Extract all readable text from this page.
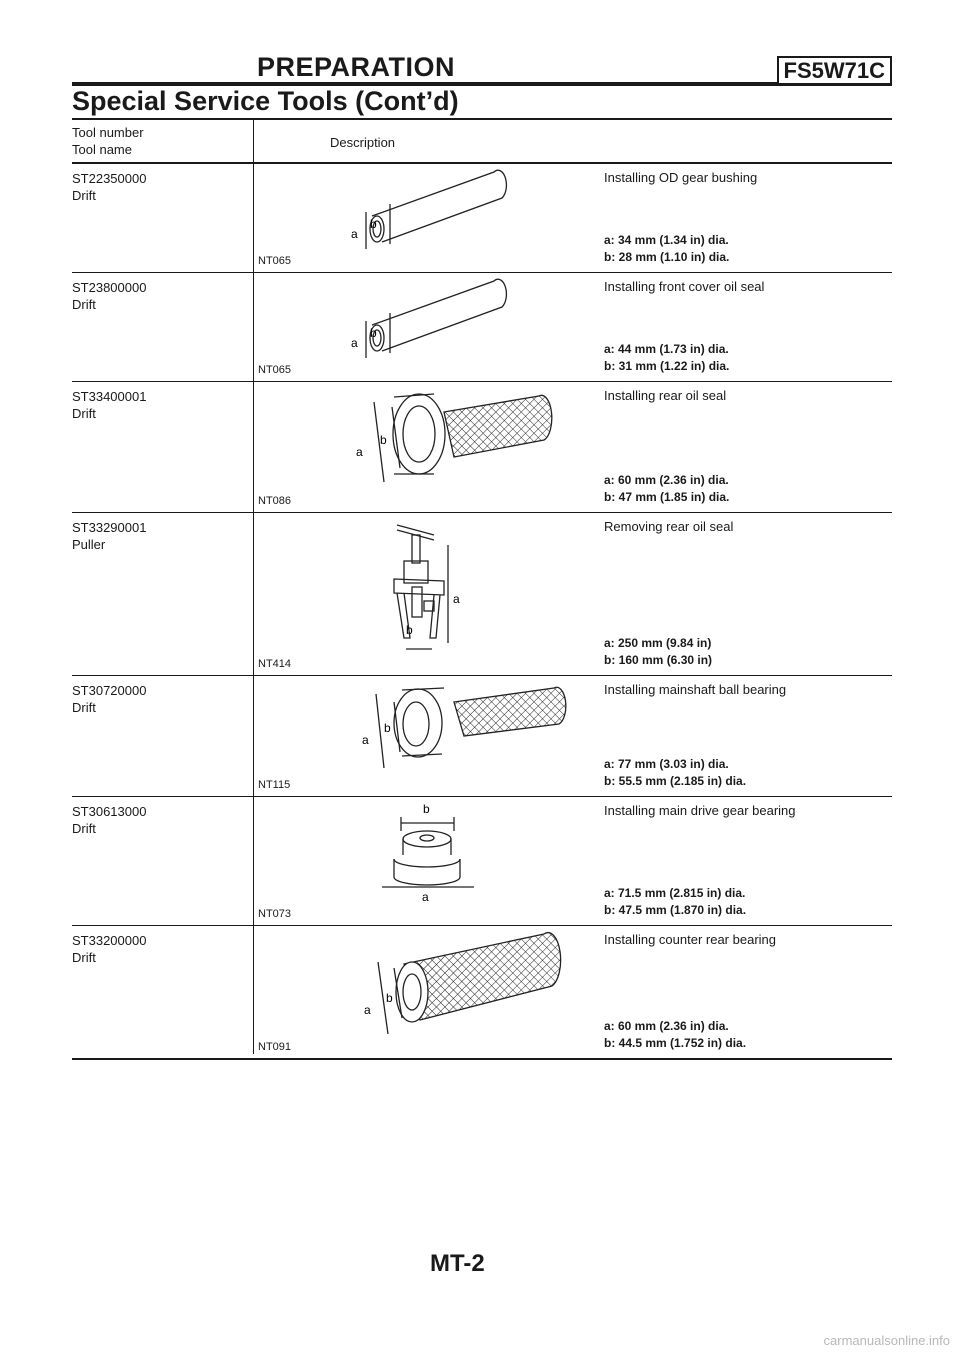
PREPARATION	FS5W71C
Special Service Tools (Cont’d)
Tool number
Tool name	Description
ST22350000
Drift
a
b
NT065
Installing OD gear bushing
a: 34 mm (1.34 in) dia.
b: 28 mm (1.10 in) dia.
ST23800000
Drift
a
b
NT065
Installing front cover oil seal
a: 44 mm (1.73 in) dia.
b: 31 mm (1.22 in) dia.
ST33400001
Drift
a
b
NT086
Installing rear oil seal
a: 60 mm (2.36 in) dia.
b: 47 mm (1.85 in) dia.
ST33290001
Puller
a
b
NT414
Removing rear oil seal
a: 250 mm (9.84 in)
b: 160 mm (6.30 in)
ST30720000
Drift
a
b
NT115
Installing mainshaft ball bearing
a: 77 mm (3.03 in) dia.
b: 55.5 mm (2.185 in) dia.
ST30613000
Drift
b
a
NT073
Installing main drive gear bearing
a: 71.5 mm (2.815 in) dia.
b: 47.5 mm (1.870 in) dia.
ST33200000
Drift
a
b
NT091
Installing counter rear bearing
a: 60 mm (2.36 in) dia.
b: 44.5 mm (1.752 in) dia.
MT-2
carmanualsonline.info
